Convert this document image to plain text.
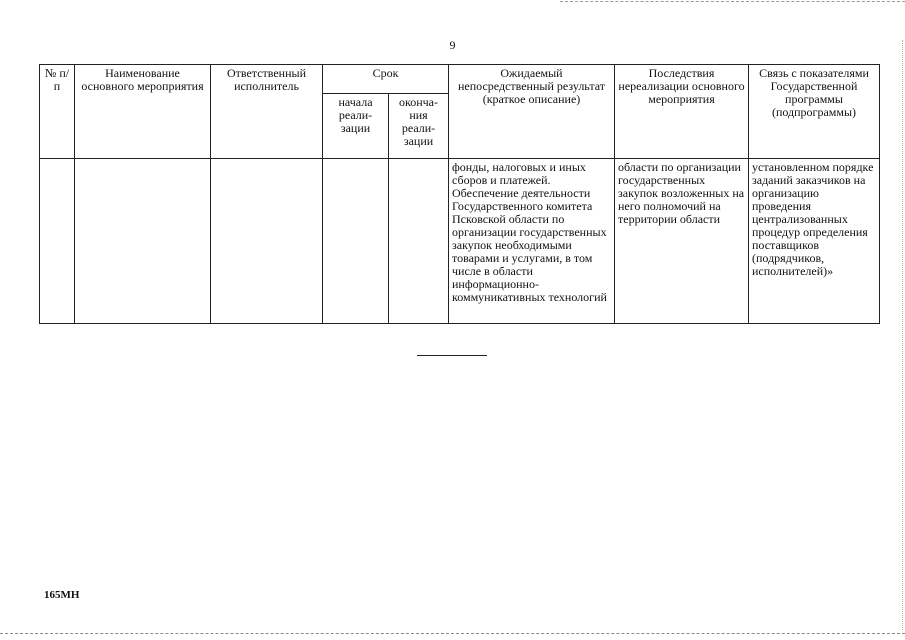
9
№ п/п	Наименование основного мероприятия	Ответственный исполнитель	Срок		Ожидаемый непосредственный результат (краткое описание)	Последствия нереализации основного мероприятия	Связь с показателями Государственной программы (подпрограммы)
			начала реали-зации	оконча-ния реали-зации			
					фонды, налоговых и иных сборов и платежей. Обеспечение деятельности Государственного комитета Псковской области по организации государственных закупок необходимыми товарами и услугами, в том числе в области информационно-коммуникативных технологий	области по организации государственных закупок возложенных на него полномочий на территории области	установленном порядке заданий заказчиков на организацию проведения централизованных процедур определения поставщиков (подрядчиков, исполнителей)»
165МН
